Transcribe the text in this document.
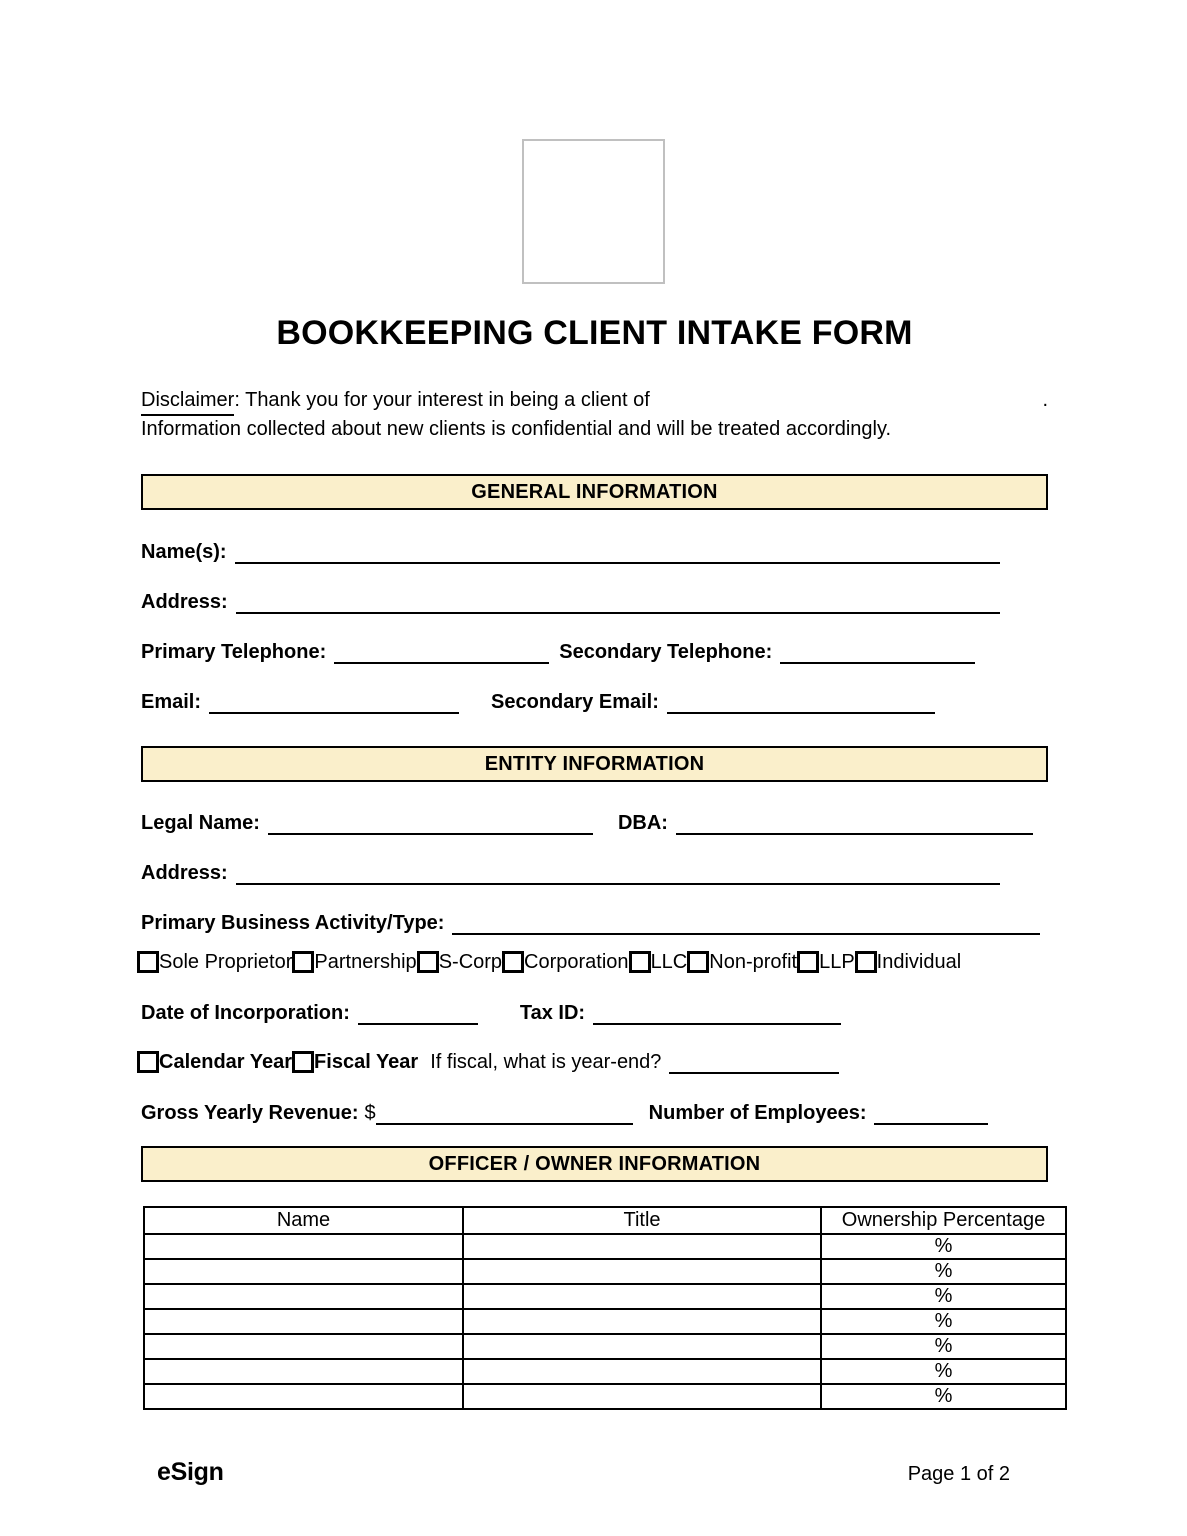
BOOKKEEPING CLIENT INTAKE FORM
Disclaimer : Thank you for your interest in being a client of	.
Information collected about new clients is confidential and will be treated accordingly.
GENERAL INFORMATION
Name(s):
Address:
Primary Telephone:	Secondary Telephone:
Email:	Secondary Email:
ENTITY INFORMATION
Legal Name:	DBA:
Address:
Primary Business Activity/Type:
Sole Proprietor Partnership S-Corp Corporation LLC Non-profit LLP Individual
Date of Incorporation:	Tax ID:
Calendar Year Fiscal Year If fiscal, what is year-end?
Gross Yearly Revenue: $	Number of Employees:
OFFICER / OWNER INFORMATION
Name	Title	Ownership Percentage
		%
		%
		%
		%
		%
		%
		%
eSign	Page 1 of 2
